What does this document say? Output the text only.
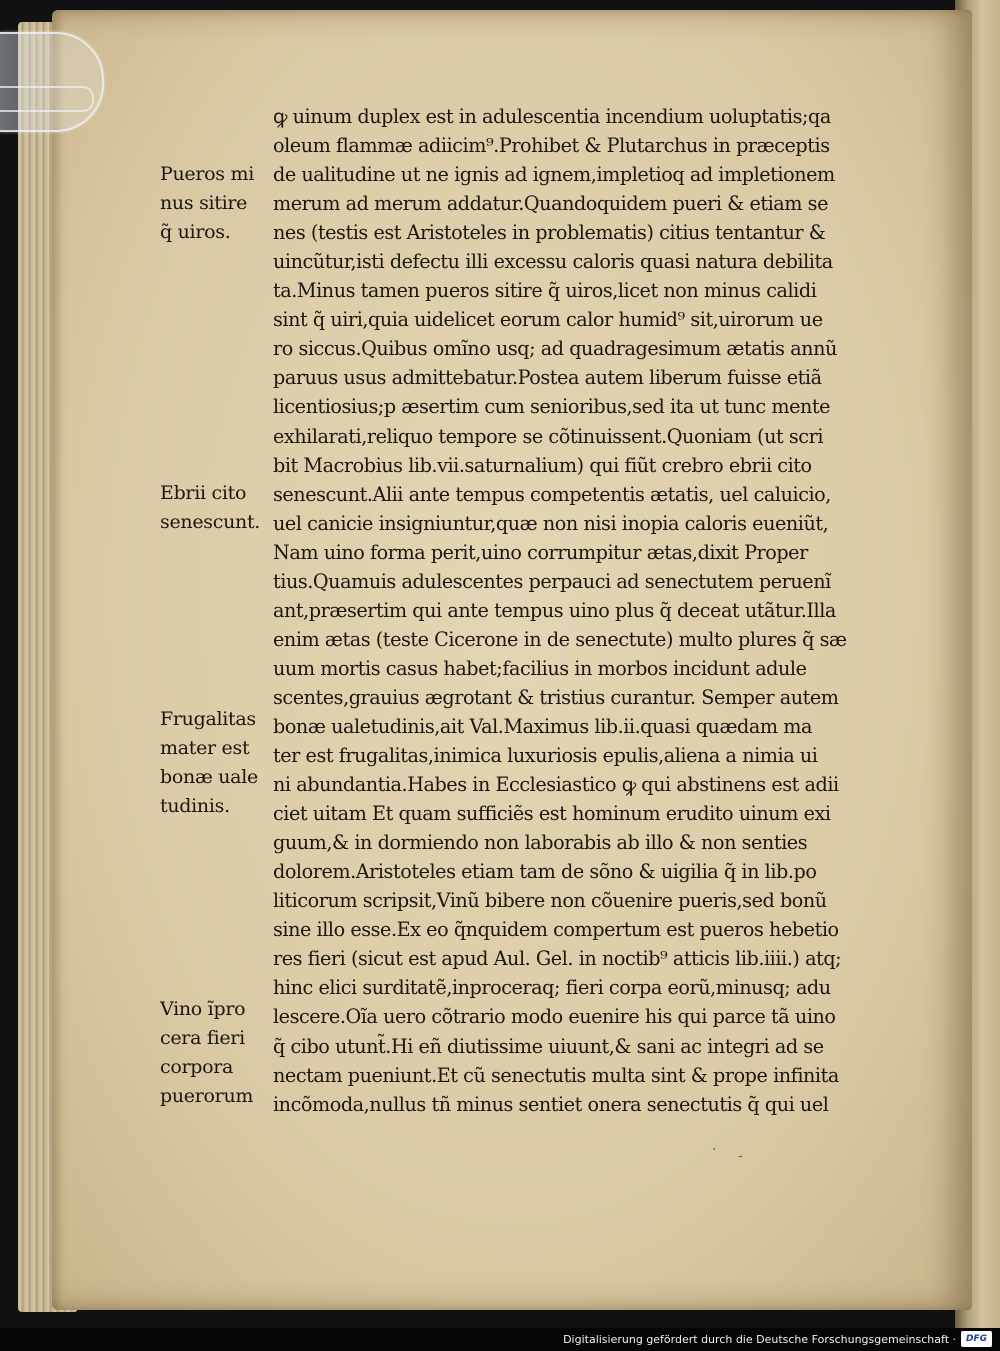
Pueros mi
nus sitire
q̃ uiros.
Ebrii cito
senescunt.
Frugalitas
mater est
bonæ uale
tudinis.
Vino ĩpro
cera fieri
corpora
puerorum
ꝙ uinum duplex est in adulescentia incendium uoluptatis;qa
oleum flammæ adiicim⁹.Prohibet & Plutarchus in præceptis
de ualitudine ut ne ignis ad ignem,impletioq ad impletionem
merum ad merum addatur.Quandoquidem pueri & etiam se
nes (testis est Aristoteles in problematis) citius tentantur &
uincũtur,isti defectu illi excessu caloris quasi natura debilita
ta.Minus tamen pueros sitire q̃ uiros,licet non minus calidi
sint q̃ uiri,quia uidelicet eorum calor humid⁹ sit,uirorum ue
ro siccus.Quibus omĩno usq; ad quadragesimum ætatis annũ
paruus usus admittebatur.Postea autem liberum fuisse etiã
licentiosius;p æsertim cum senioribus,sed ita ut tunc mente
exhilarati,reliquo tempore se cõtinuissent.Quoniam (ut scri
bit Macrobius lib.vii.saturnalium) qui fiũt crebro ebrii cito
senescunt.Alii ante tempus competentis ætatis, uel caluicio,
uel canicie insigniuntur,quæ non nisi inopia caloris eueniũt,
Nam uino forma perit,uino corrumpitur ætas,dixit Proper
tius.Quamuis adulescentes perpauci ad senectutem peruenĩ
ant,præsertim qui ante tempus uino plus q̃ deceat utãtur.Illa
enim ætas (teste Cicerone in de senectute) multo plures q̃ sæ
uum mortis casus habet;facilius in morbos incidunt adule
scentes,grauius ægrotant & tristius curantur. Semper autem
bonæ ualetudinis,ait Val.Maximus lib.ii.quasi quædam ma
ter est frugalitas,inimica luxuriosis epulis,aliena a nimia ui
ni abundantia.Habes in Ecclesiastico ꝙ qui abstinens est adii
ciet uitam Et quam sufficiẽs est hominum erudito uinum exi
guum,& in dormiendo non laborabis ab illo & non senties
dolorem.Aristoteles etiam tam de sõno & uigilia q̃ in lib.po
liticorum scripsit,Vinũ bibere non cõuenire pueris,sed bonũ
sine illo esse.Ex eo q̃nquidem compertum est pueros hebetio
res fieri (sicut est apud Aul. Gel. in noctib⁹ atticis lib.iiii.) atq;
hinc elici surditatẽ,inproceraq; fieri corpa eorũ,minusq; adu
lescere.Oĩa uero cõtrario modo euenire his qui parce tã uino
q̃ cibo utunt̃.Hi eñ diutissime uiuunt,& sani ac integri ad se
nectam pueniunt.Et cũ senectutis multa sint & prope infinita
incõmoda,nullus tñ minus sentiet onera senectutis q̃ qui uel
· -
Digitalisierung gefördert durch die Deutsche Forschungsgemeinschaft ·	DFG
